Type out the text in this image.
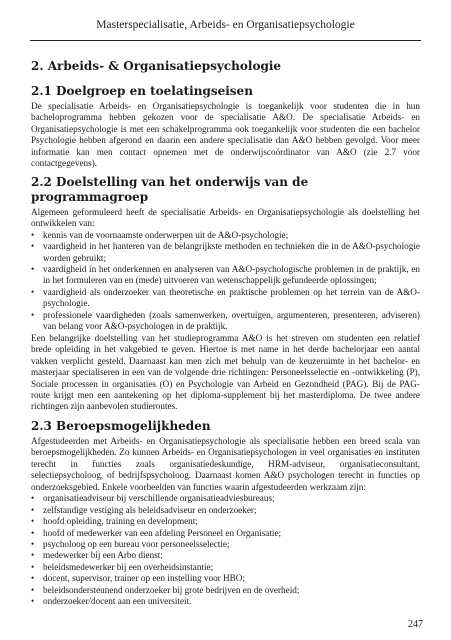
Masterspecialisatie, Arbeids- en Organisatiepsychologie
2. Arbeids- & Organisatiepsychologie
2.1 Doelgroep en toelatingseisen

De specialisatie Arbeids- en Organisatiepsychologie is toegankelijk voor studenten die in hun bacheloprogramma hebben gekozen voor de specialisatie A&O. De specialisatie Arbeids- en Organisatiepsychologie is met een schakelprogramma ook toegankelijk voor studenten die een bachelor Psychologie hebben afgerond en daarin een andere specialisatie dan A&O hebben gevolgd. Voor meer informatie kan men contact opnemen met de onderwijscoördinator van A&O (zie 2.7 voor contactgegevens).

2.2 Doelstelling van het onderwijs van de programmagroep

Algemeen geformuleerd heeft de specialisatie Arbeids- en Organisatiepsychologie als doelstelling het ontwikkelen van:

• kennis van de voornaamste onderwerpen uit de A&O-psychologie;
• vaardigheid in het hanteren van de belangrijkste methoden en technieken die in de A&O-psychologie worden gebruikt;
• vaardigheid in het onderkennen en analyseren van A&O-psychologische problemen in de praktijk, en in het formuleren van en (mede) uitvoeren van wetenschappelijk gefundeerde oplossingen;
• vaardigheid als onderzoeker van theoretische en praktische problemen op het terrein van de A&O-psychologie.
• professionele vaardigheden (zoals samenwerken, overtuigen, argumenteren, presenteren, adviseren) van belang voor A&O-psychologen in de praktijk.

Een belangrijke doelstelling van het studieprogramma A&O is het streven om studenten een relatief brede opleiding in het vakgebied te geven. Hiertoe is met name in het derde bachelorjaar een aantal vakken verplicht gesteld. Daarnaast kan men zich met behulp van de keuzeruimte in het bachelor- en masterjaar specialiseren in een van de volgende drie richtingen: Personeelsselectie en -ontwikkeling (P), Sociale processen in organisaties (O) en Psychologie van Arbeid en Gezondheid (PAG). Bij de PAG-route krijgt men een aantekening op het diploma-supplement bij het masterdiploma. De twee andere richtingen zijn aanbevolen studieroutes.

2.3 Beroepsmogelijkheden

Afgestudeerden met Arbeids- en Organisatiepsychologie als specialisatie hebben een breed scala van beroepsmogelijkheden. Zo kunnen Arbeids- en Organisatiepsychologen in veel organisaties en instituten terecht in functies zoals organisatiedeskundige, HRM-adviseur, organisatieconsultant, selectiepsycholoog, of bedrijfspsycholoog. Daarnaast komen A&O psychologen terecht in functies op onderzoeksgebied. Enkele voorbeelden van functies waarin afgestudeerden werkzaam zijn:

• organisatieadviseur bij verschillende organisatieadviesbureaus;
• zelfstandige vestiging als beleidsadviseur en onderzoeker;
• hoofd opleiding, training en development;
• hoofd of medewerker van een afdeling Personeel en Organisatie;
• psycholoog op een bureau voor personeelsselectie;
• medewerker bij een Arbo dienst;
• beleidsmedewerker bij een overheidsinstantie;
• docent, supervisor, trainer op een instelling voor HBO;
• beleidsondersteunend onderzoeker bij grote bedrijven en de overheid;
• onderzoeker/docent aan een universiteit.
247
